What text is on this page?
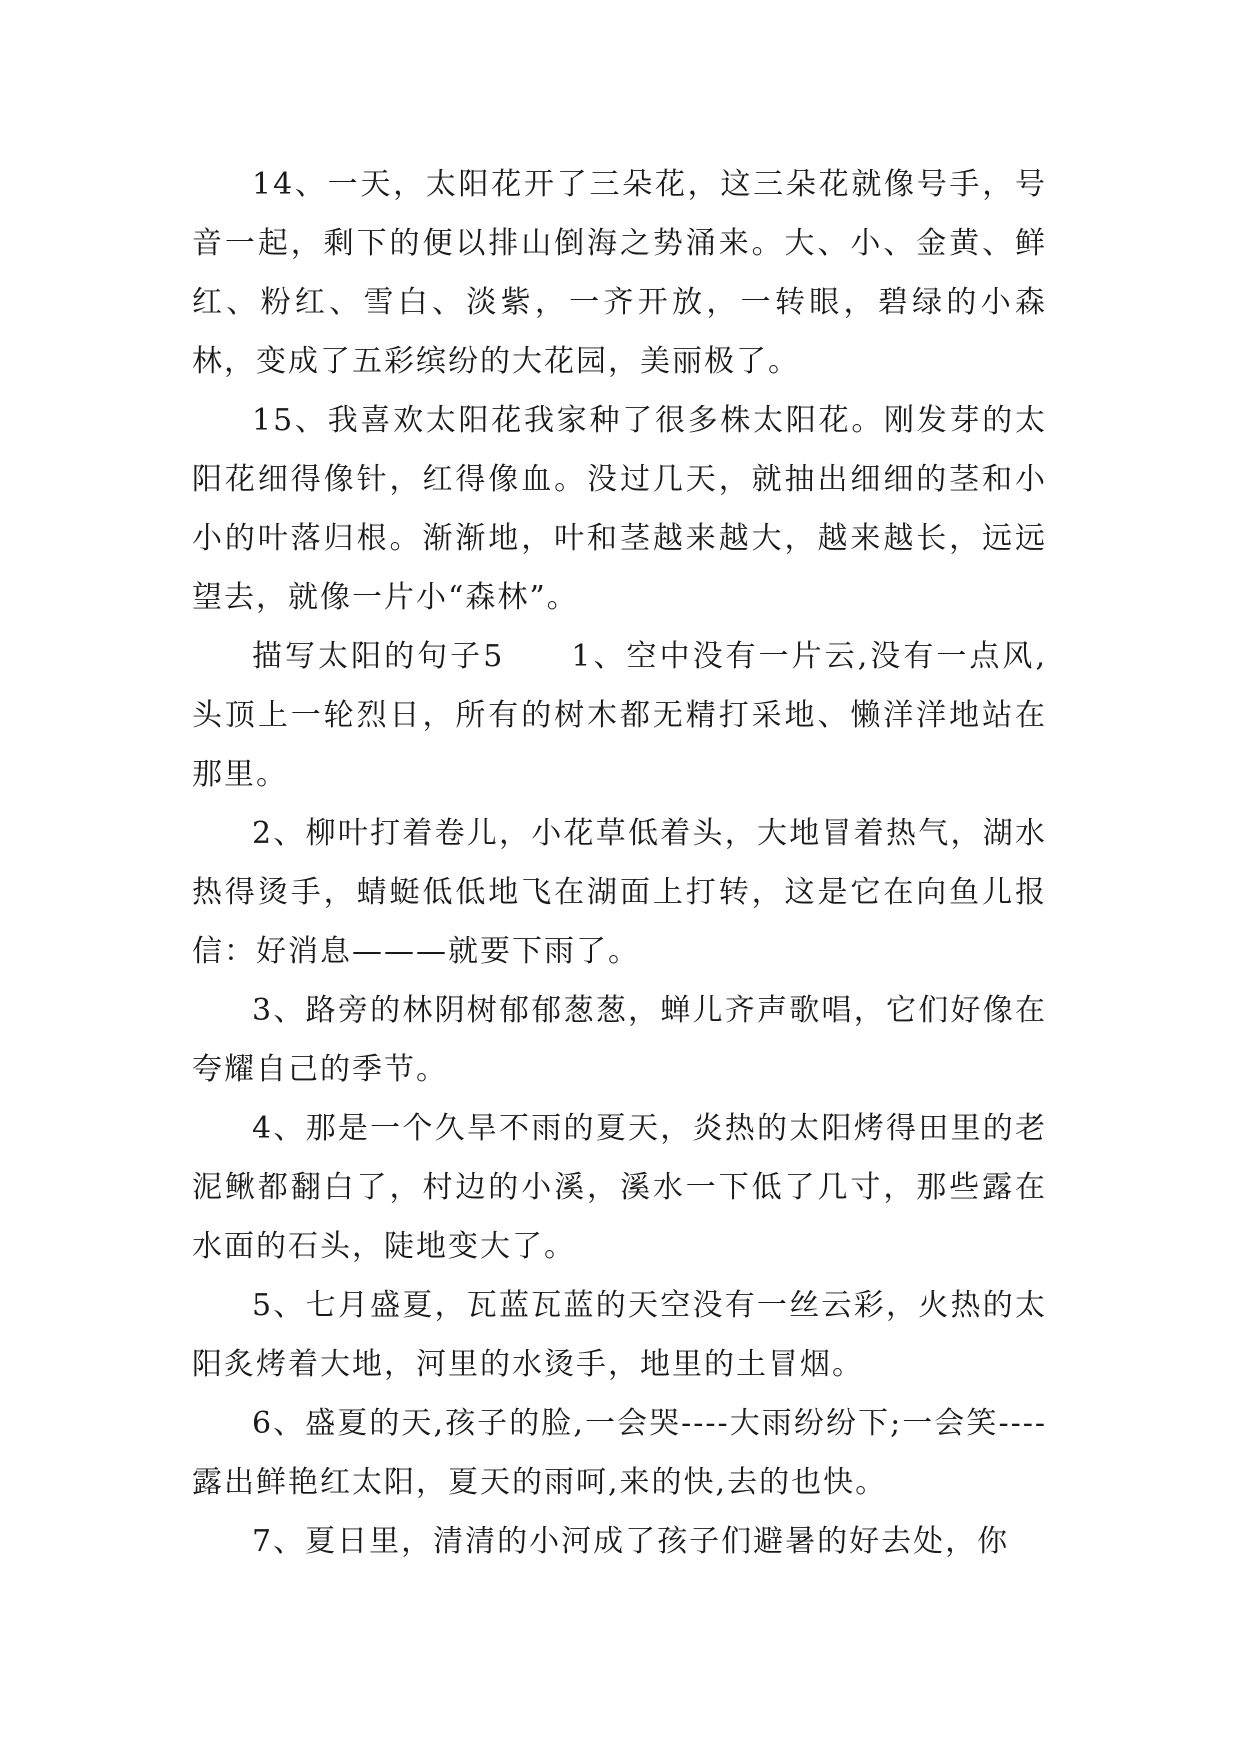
14、一天，太阳花开了三朵花，这三朵花就像号手，号音一起，剩下的便以排山倒海之势涌来。大、小、金黄、鲜红、粉红、雪白、淡紫，一齐开放，一转眼，碧绿的小森林，变成了五彩缤纷的大花园，美丽极了。

15、我喜欢太阳花我家种了很多株太阳花。刚发芽的太阳花细得像针，红得像血。没过几天，就抽出细细的茎和小小的叶落归根。渐渐地，叶和茎越来越大，越来越长，远远望去，就像一片小“森林”。

描写太阳的句子5　　1、空中没有一片云,没有一点风,头顶上一轮烈日，所有的树木都无精打采地、懒洋洋地站在那里。

2、柳叶打着卷儿，小花草低着头，大地冒着热气，湖水热得烫手，蜻蜓低低地飞在湖面上打转，这是它在向鱼儿报信：好消息———就要下雨了。

3、路旁的林阴树郁郁葱葱，蝉儿齐声歌唱，它们好像在夸耀自己的季节。

4、那是一个久旱不雨的夏天，炎热的太阳烤得田里的老泥鳅都翻白了，村边的小溪，溪水一下低了几寸，那些露在水面的石头，陡地变大了。

5、七月盛夏，瓦蓝瓦蓝的天空没有一丝云彩，火热的太阳炙烤着大地，河里的水烫手，地里的土冒烟。

6、盛夏的天,孩子的脸,一会哭----大雨纷纷下;一会笑----露出鲜艳红太阳，夏天的雨呵,来的快,去的也快。

7、夏日里，清清的小河成了孩子们避暑的好去处，你
